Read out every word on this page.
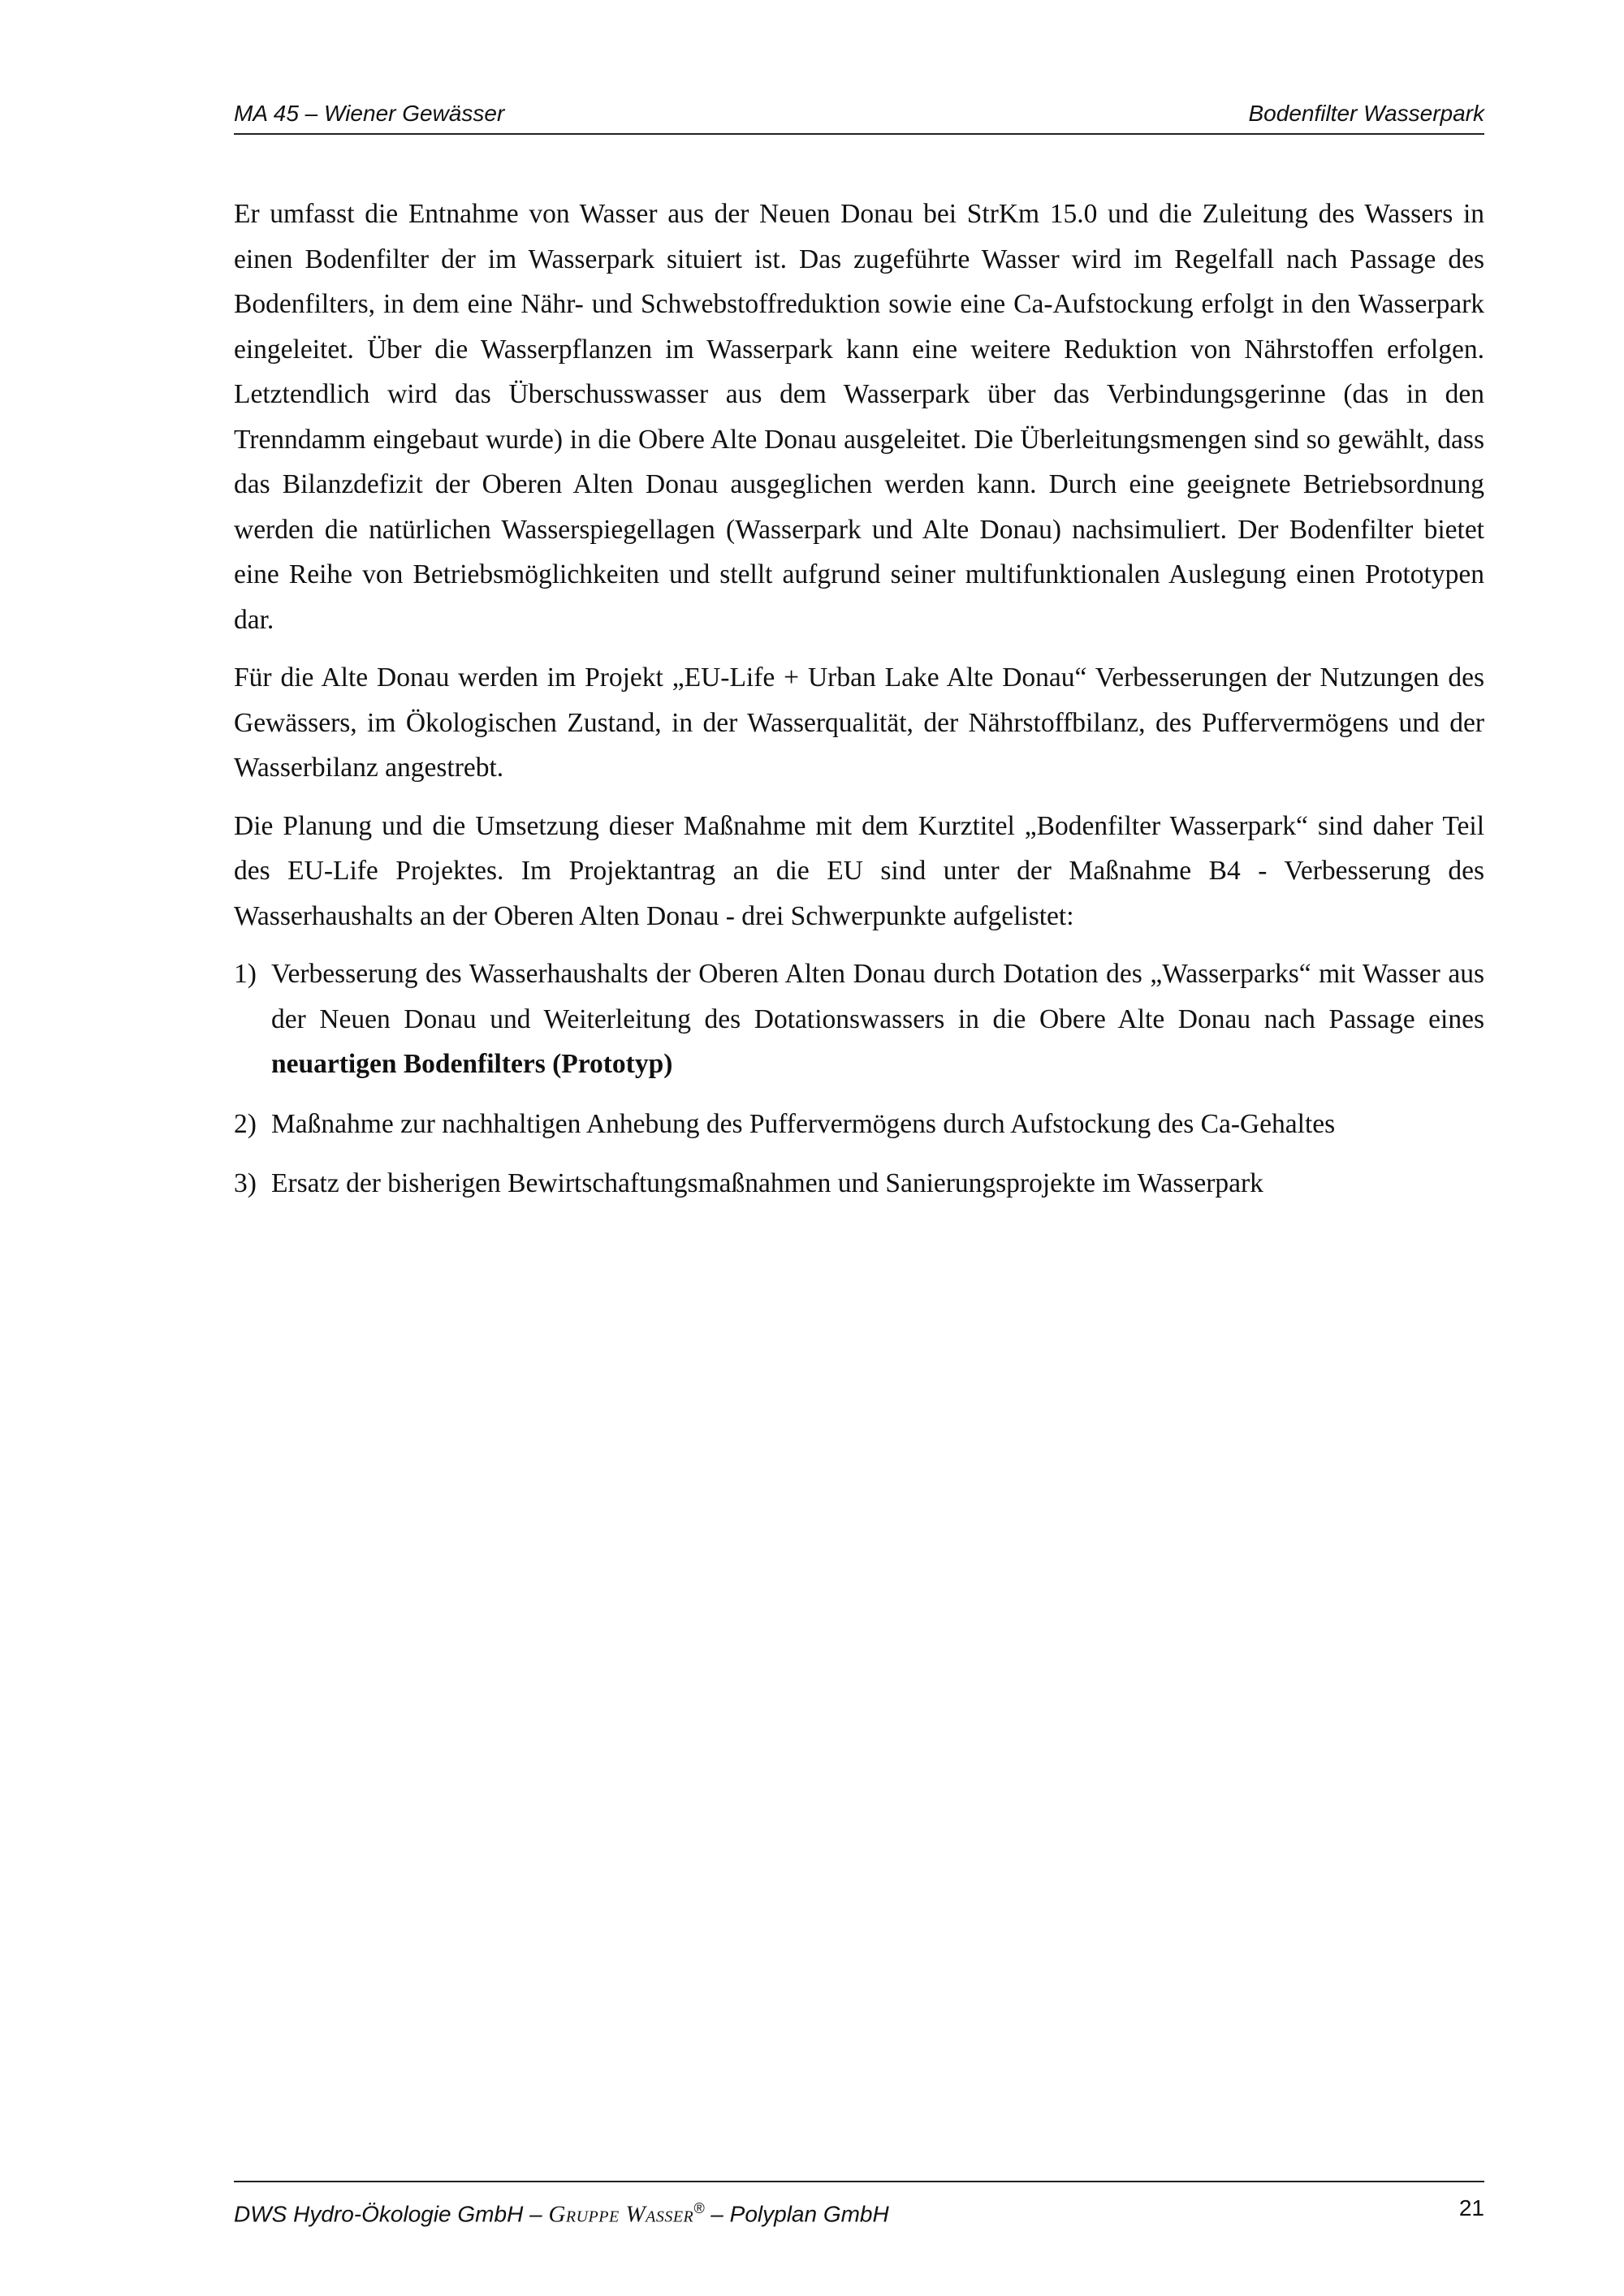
MA 45 – Wiener Gewässer	Bodenfilter Wasserpark

Er umfasst die Entnahme von Wasser aus der Neuen Donau bei StrKm 15.0 und die Zuleitung des Wassers in einen Bodenfilter der im Wasserpark situiert ist. Das zugeführte Wasser wird im Regelfall nach Passage des Bodenfilters, in dem eine Nähr- und Schwebstoffreduktion sowie eine Ca-Aufstockung erfolgt in den Wasserpark eingeleitet. Über die Wasserpflanzen im Wasserpark kann eine weitere Reduktion von Nährstoffen erfolgen. Letztendlich wird das Überschusswasser aus dem Wasserpark über das Verbindungsgerinne (das in den Trenndamm eingebaut wurde) in die Obere Alte Donau ausgeleitet. Die Überleitungsmengen sind so gewählt, dass das Bilanzdefizit der Oberen Alten Donau ausgeglichen werden kann. Durch eine geeignete Betriebsordnung werden die natürlichen Wasserspiegellagen (Wasserpark und Alte Donau) nachsimuliert. Der Bodenfilter bietet eine Reihe von Betriebsmöglichkeiten und stellt aufgrund seiner multifunktionalen Auslegung einen Prototypen dar.

Für die Alte Donau werden im Projekt „EU-Life + Urban Lake Alte Donau“ Verbesserungen der Nutzungen des Gewässers, im Ökologischen Zustand, in der Wasserqualität, der Nährstoffbilanz, des Puffervermögens und der Wasserbilanz angestrebt.

Die Planung und die Umsetzung dieser Maßnahme mit dem Kurztitel „Bodenfilter Wasserpark“ sind daher Teil des EU-Life Projektes. Im Projektantrag an die EU sind unter der Maßnahme B4 - Verbesserung des Wasserhaushalts an der Oberen Alten Donau - drei Schwerpunkte aufgelistet:

1) Verbesserung des Wasserhaushalts der Oberen Alten Donau durch Dotation des „Wasserparks“ mit Wasser aus der Neuen Donau und Weiterleitung des Dotationswassers in die Obere Alte Donau nach Passage eines neuartigen Bodenfilters (Prototyp)
2) Maßnahme zur nachhaltigen Anhebung des Puffervermögens durch Aufstockung des Ca-Gehaltes
3) Ersatz der bisherigen Bewirtschaftungsmaßnahmen und Sanierungsprojekte im Wasserpark
DWS Hydro-Ökologie GmbH – Gruppe Wasser® – Polyplan GmbH	21
